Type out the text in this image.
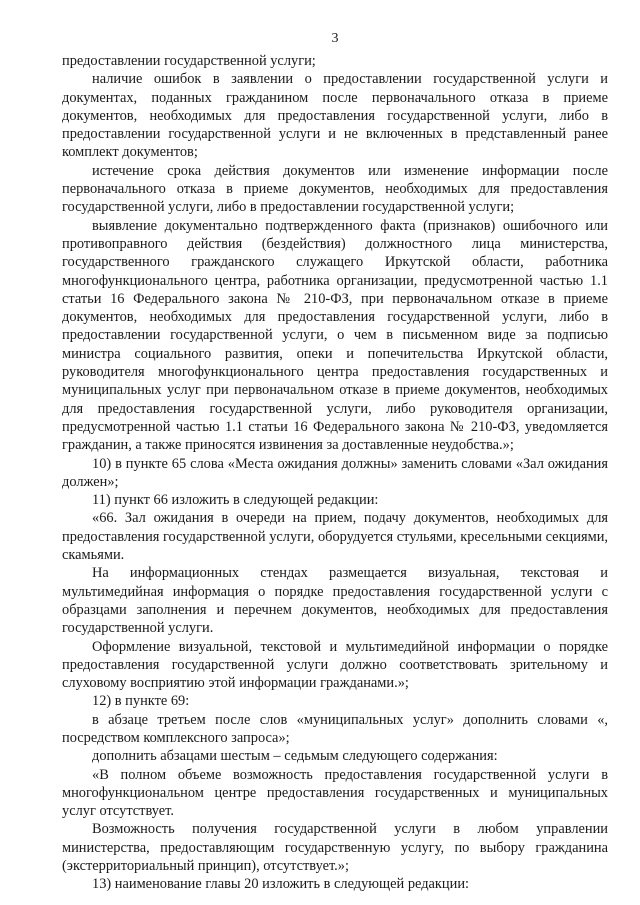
3

предоставлении государственной услуги;

наличие ошибок в заявлении о предоставлении государственной услуги и документах, поданных гражданином после первоначального отказа в приеме документов, необходимых для предоставления государственной услуги, либо в предоставлении государственной услуги и не включенных в представленный ранее комплект документов;

истечение срока действия документов или изменение информации после первоначального отказа в приеме документов, необходимых для предоставления государственной услуги, либо в предоставлении государственной услуги;

выявление документально подтвержденного факта (признаков) ошибочного или противоправного действия (бездействия) должностного лица министерства, государственного гражданского служащего Иркутской области, работника многофункционального центра, работника организации, предусмотренной частью 1.1 статьи 16 Федерального закона № 210-ФЗ, при первоначальном отказе в приеме документов, необходимых для предоставления государственной услуги, либо в предоставлении государственной услуги, о чем в письменном виде за подписью министра социального развития, опеки и попечительства Иркутской области, руководителя многофункционального центра предоставления государственных и муниципальных услуг при первоначальном отказе в приеме документов, необходимых для предоставления государственной услуги, либо руководителя организации, предусмотренной частью 1.1 статьи 16 Федерального закона № 210-ФЗ, уведомляется гражданин, а также приносятся извинения за доставленные неудобства.»;

10) в пункте 65 слова «Места ожидания должны» заменить словами «Зал ожидания должен»;

11) пункт 66 изложить в следующей редакции:

«66. Зал ожидания в очереди на прием, подачу документов, необходимых для предоставления государственной услуги, оборудуется стульями, кресельными секциями, скамьями.

На информационных стендах размещается визуальная, текстовая и мультимедийная информация о порядке предоставления государственной услуги с образцами заполнения и перечнем документов, необходимых для предоставления государственной услуги.

Оформление визуальной, текстовой и мультимедийной информации о порядке предоставления государственной услуги должно соответствовать зрительному и слуховому восприятию этой информации гражданами.»;

12) в пункте 69:

в абзаце третьем после слов «муниципальных услуг» дополнить словами «, посредством комплексного запроса»;

дополнить абзацами шестым – седьмым следующего содержания:

«В полном объеме возможность предоставления государственной услуги в многофункциональном центре предоставления государственных и муниципальных услуг отсутствует.

Возможность получения государственной услуги в любом управлении министерства, предоставляющим государственную услугу, по выбору гражданина (экстерриториальный принцип), отсутствует.»;

13) наименование главы 20 изложить в следующей редакции:
